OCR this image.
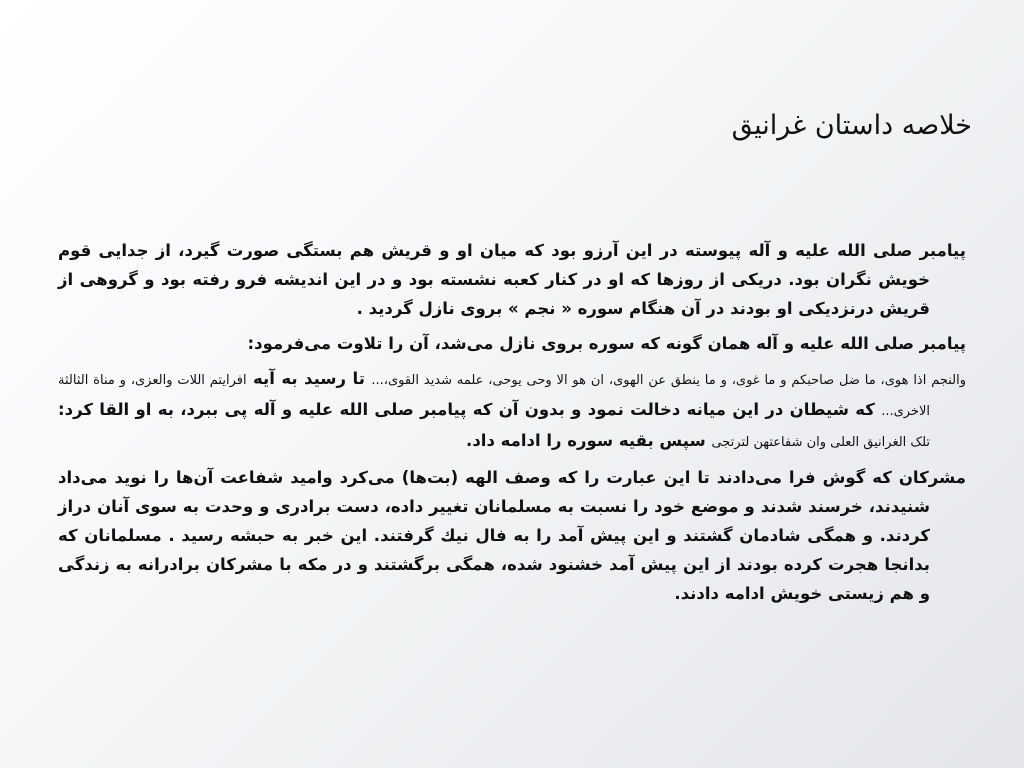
خلاصه داستان غرانیق

پیامبر صلی الله علیه و آله پیوسته در این آرزو بود که میان او و قریش هم بستگی صورت گیرد، از جدایی قوم خویش نگران بود. دریکی از روزها که او در کنار کعبه نشسته بود و در این اندیشه فرو رفته بود و گروهی از قریش درنزدیکی او بودند در آن هنگام سوره « نجم » بروی نازل گردید .

پیامبر صلی الله علیه و آله همان گونه که سوره بروی نازل می‌شد، آن را تلاوت می‌فرمود:

والنجم اذا هوی، ما ضل صاحبکم و ما غوی، و ما ینطق عن الهوی، ان هو الا وحی یوحی، علمه شدید القوی،... تا رسید به آیه افرایتم اللات والعزی، و مناة الثالثة الاخری... که شیطان در این میانه دخالت نمود و بدون آن که پیامبر صلی الله علیه و آله پی ببرد، به او القا کرد: تلک الغرانیق العلی وان شفاعتهن لترتجی سپس بقیه سوره را ادامه داد.

مشرکان که گوش فرا می‌دادند تا این عبارت را که وصف الهه (بت‌ها) می‌کرد وامید شفاعت آن‌ها را نوید می‌داد شنیدند، خرسند شدند و موضع خود را نسبت به مسلمانان تغییر داده، دست برادری و وحدت به سوی آنان دراز کردند. و همگی شادمان گشتند و این پیش آمد را به فال نیك گرفتند. این خبر به حبشه رسید . مسلمانان که بدانجا هجرت کرده بودند از این پیش آمد خشنود شده، همگی برگشتند و در مکه با مشرکان برادرانه به زندگی و هم زیستی خویش ادامه دادند.
